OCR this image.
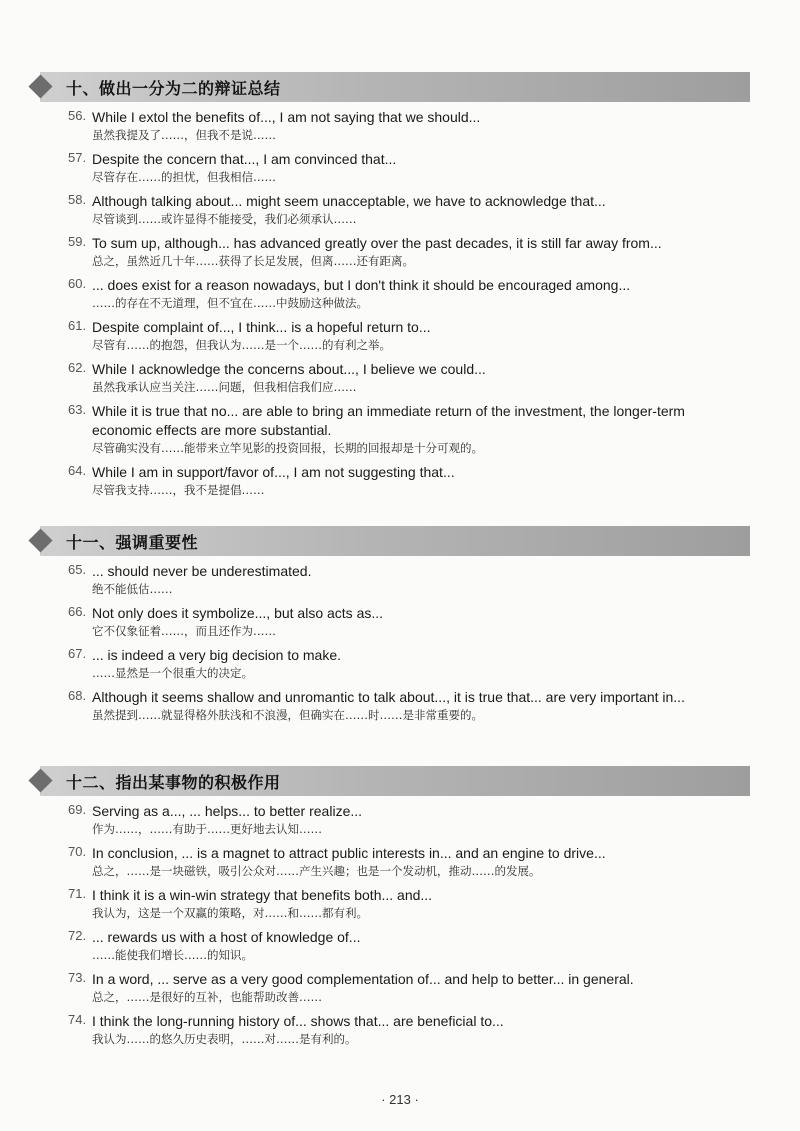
十、做出一分为二的辩证总结
56. While I extol the benefits of..., I am not saying that we should...
虽然我提及了……，但我不是说……
57. Despite the concern that..., I am convinced that...
尽管存在……的担忧，但我相信……
58. Although talking about... might seem unacceptable, we have to acknowledge that...
尽管谈到……或许显得不能接受，我们必须承认……
59. To sum up, although... has advanced greatly over the past decades, it is still far away from...
总之，虽然近几十年……获得了长足发展，但离……还有距离。
60. ... does exist for a reason nowadays, but I don't think it should be encouraged among...
……的存在不无道理，但不宜在……中鼓励这种做法。
61. Despite complaint of..., I think... is a hopeful return to...
尽管有……的抱怨，但我认为……是一个……的有利之举。
62. While I acknowledge the concerns about..., I believe we could...
虽然我承认应当关注……问题，但我相信我们应……
63. While it is true that no... are able to bring an immediate return of the investment, the longer-term economic effects are more substantial.
尽管确实没有……能带来立竿见影的投资回报，长期的回报却是十分可观的。
64. While I am in support/favor of..., I am not suggesting that...
尽管我支持……，我不是提倡……
十一、强调重要性
65. ... should never be underestimated.
绝不能低估……
66. Not only does it symbolize..., but also acts as...
它不仅象征着……，而且还作为……
67. ... is indeed a very big decision to make.
……显然是一个很重大的决定。
68. Although it seems shallow and unromantic to talk about..., it is true that... are very important in...
虽然提到……就显得格外肤浅和不浪漫，但确实在……时……是非常重要的。
十二、指出某事物的积极作用
69. Serving as a..., ... helps... to better realize...
作为……，……有助于……更好地去认知……
70. In conclusion, ... is a magnet to attract public interests in... and an engine to drive...
总之，……是一块磁铁，吸引公众对……产生兴趣；也是一个发动机，推动……的发展。
71. I think it is a win-win strategy that benefits both... and...
我认为，这是一个双赢的策略，对……和……都有利。
72. ... rewards us with a host of knowledge of...
……能使我们增长……的知识。
73. In a word, ... serve as a very good complementation of... and help to better... in general.
总之，……是很好的互补，也能帮助改善……
74. I think the long-running history of... shows that... are beneficial to...
我认为……的悠久历史表明，……对……是有利的。
· 213 ·
